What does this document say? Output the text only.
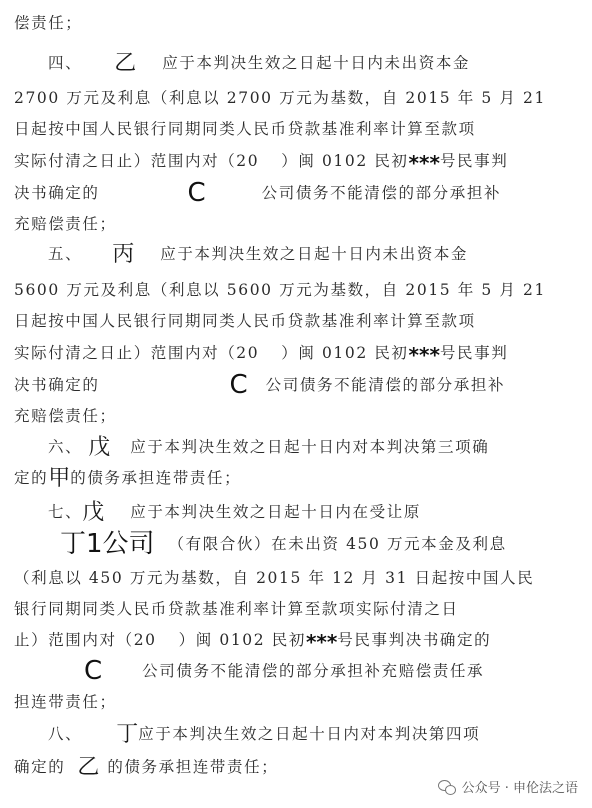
偿责任；
四、 乙 应于本判决生效之日起十日内未出资本金
2700 万元及利息（利息以 2700 万元为基数，自 2015 年 5 月 21
日起按中国人民银行同期同类人民币贷款基准利率计算至款项
实际付清之日止）范围内对（20 ）闽 0102 民初***号民事判
决书确定的	C	公司债务不能清偿的部分承担补
充赔偿责任；
五、 丙 应于本判决生效之日起十日内未出资本金
5600 万元及利息（利息以 5600 万元为基数，自 2015 年 5 月 21
日起按中国人民银行同期同类人民币贷款基准利率计算至款项
实际付清之日止）范围内对（20 ）闽 0102 民初***号民事判
决书确定的	C 公司债务不能清偿的部分承担补
充赔偿责任；
六、 戊 应于本判决生效之日起十日内对本判决第三项确
定的甲的债务承担连带责任；
七、戊 应于本判决生效之日起十日内在受让原
丁1公司 （有限合伙）在未出资 450 万元本金及利息
（利息以 450 万元为基数，自 2015 年 12 月 31 日起按中国人民
银行同期同类人民币贷款基准利率计算至款项实际付清之日
止）范围内对（20 ）闽 0102 民初***号民事判决书确定的
C	公司债务不能清偿的部分承担补充赔偿责任承
担连带责任；
八、 丁应于本判决生效之日起十日内对本判决第四项
确定的 乙 的债务承担连带责任；
公众号 · 申伦法之语
